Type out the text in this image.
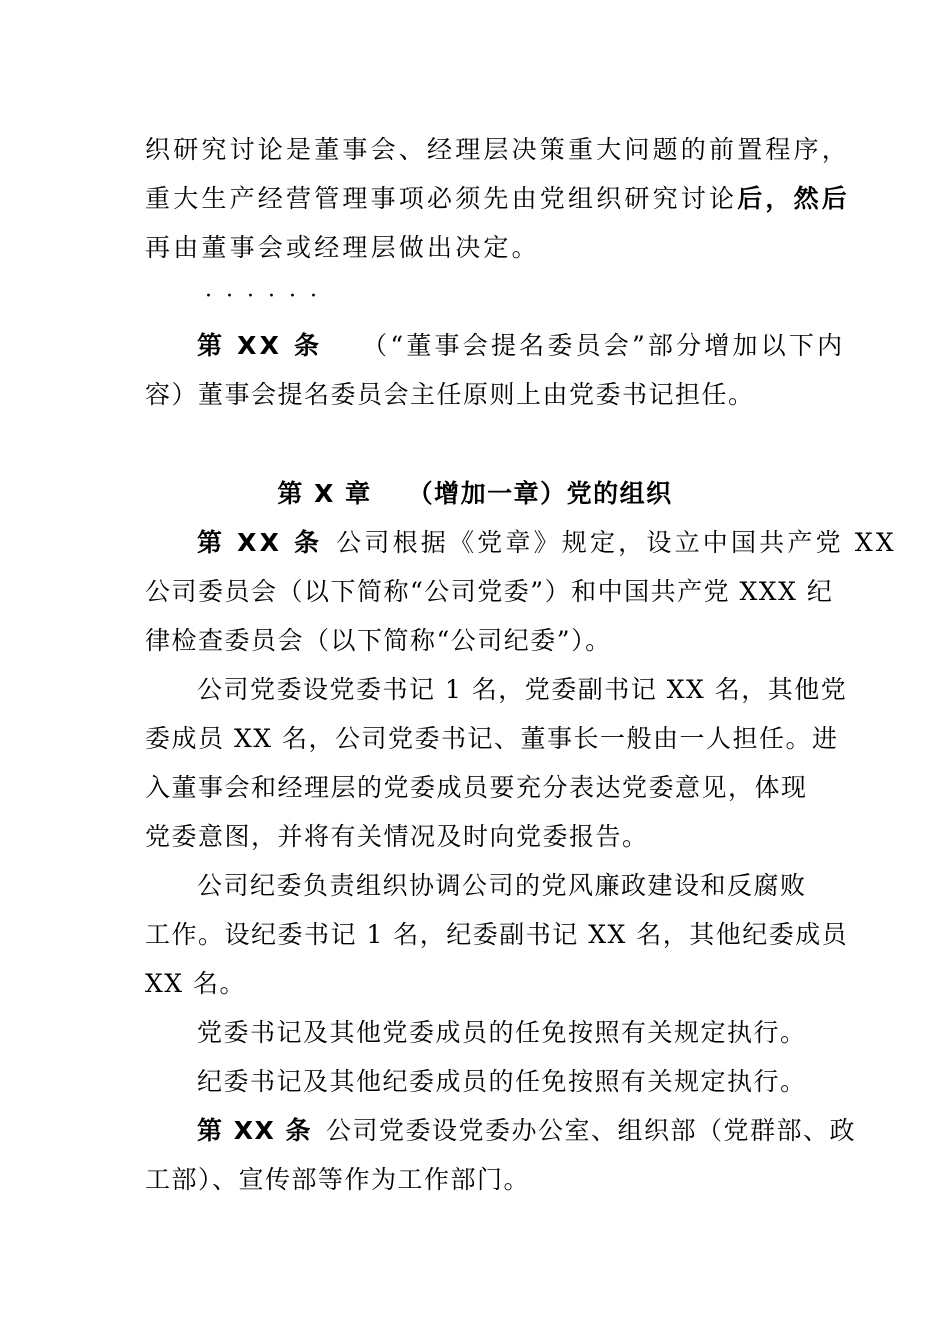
织研究讨论是董事会、经理层决策重大问题的前置程序，
重大生产经营管理事项必须先由党组织研究讨论后，然后
再由董事会或经理层做出决定。
······
第 XX 条 （“董事会提名委员会”部分增加以下内
容）董事会提名委员会主任原则上由党委书记担任。
第 X 章 （增加一章）党的组织
第 XX 条 公司根据《党章》规定，设立中国共产党 XX
公司委员会（以下简称“公司党委”）和中国共产党 XXX 纪
律检查委员会（以下简称“公司纪委”）。
公司党委设党委书记 1 名，党委副书记 XX 名，其他党
委成员 XX 名，公司党委书记、董事长一般由一人担任。进
入董事会和经理层的党委成员要充分表达党委意见，体现
党委意图，并将有关情况及时向党委报告。
公司纪委负责组织协调公司的党风廉政建设和反腐败
工作。设纪委书记 1 名，纪委副书记 XX 名，其他纪委成员
XX 名。
党委书记及其他党委成员的任免按照有关规定执行。
纪委书记及其他纪委成员的任免按照有关规定执行。
第 XX 条 公司党委设党委办公室、组织部（党群部、政
工部）、宣传部等作为工作部门。
